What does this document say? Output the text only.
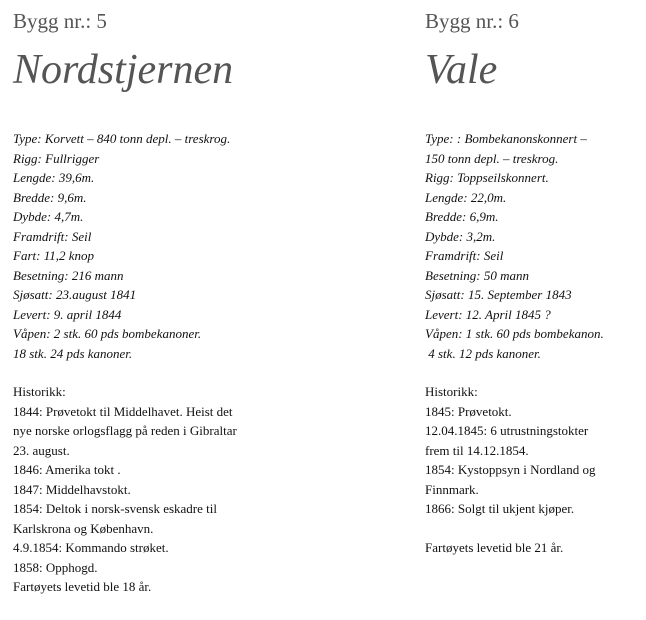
Bygg nr.: 5
Nordstjernen
Type: Korvett – 840 tonn depl. – treskrog.
Rigg: Fullrigger
Lengde: 39,6m.
Bredde: 9,6m.
Dybde: 4,7m.
Framdrift: Seil
Fart: 11,2 knop
Besetning: 216 mann
Sjøsatt: 23.august 1841
Levert: 9. april 1844
Våpen: 2 stk. 60 pds bombekanoner.
18 stk. 24 pds kanoner.
Historikk:
1844: Prøvetokt til Middelhavet. Heist det
nye norske orlogsflagg på reden i Gibraltar
23. august.
1846: Amerika tokt .
1847: Middelhavstokt.
1854: Deltok i norsk-svensk eskadre til
Karlskrona og København.
4.9.1854: Kommando strøket.
1858: Opphogd.
Fartøyets levetid ble 18 år.
Bygg nr.: 6
Vale
Type: : Bombekanonskonnert –
150 tonn depl. – treskrog.
Rigg: Toppseilskonnert.
Lengde: 22,0m.
Bredde: 6,9m.
Dybde: 3,2m.
Framdrift: Seil
Besetning: 50 mann
Sjøsatt: 15. September 1843
Levert: 12. April 1845 ?
Våpen: 1 stk. 60 pds bombekanon.
4 stk. 12 pds kanoner.
Historikk:
1845: Prøvetokt.
12.04.1845: 6 utrustningstokter
frem til 14.12.1854.
1854: Kystoppsyn i Nordland og
Finnmark.
1866: Solgt til ukjent kjøper.
Fartøyets levetid ble 21 år.
